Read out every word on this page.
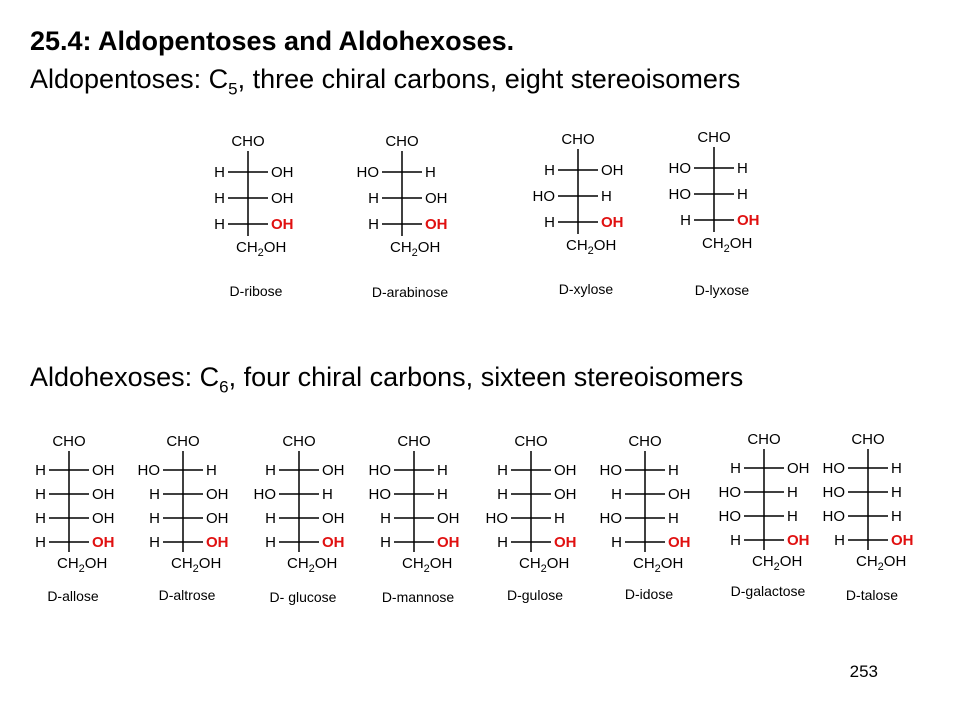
25.4: Aldopentoses and Aldohexoses.
Aldopentoses: $C_5$, three chiral carbons, eight stereoisomers
Aldohexoses: $C_6$, four chiral carbons, sixteen stereoisomers
CHO
H	OH
H	OH
H	OH
$CH_2OH$
D-ribose
CHO
HO	H
H	OH
H	OH
$CH_2OH$
D-arabinose
CHO
H	OH
HO	H
H	OH
$CH_2OH$
D-xylose
CHO
HO	H
HO	H
H	OH
$CH_2OH$
D-lyxose
CHO
H	OH
H	OH
H	OH
H	OH
$CH_2OH$
D-allose
CHO
HO	H
H	OH
H	OH
H	OH
$CH_2OH$
D-altrose
CHO
H	OH
HO	H
H	OH
H	OH
$CH_2OH$
D- glucose
CHO
HO	H
HO	H
H	OH
H	OH
$CH_2OH$
D-mannose
CHO
H	OH
H	OH
HO	H
H	OH
$CH_2OH$
D-gulose
CHO
HO	H
H	OH
HO	H
H	OH
$CH_2OH$
D-idose
CHO
H	OH
HO	H
HO	H
H	OH
$CH_2OH$
D-galactose
CHO
HO	H
HO	H
HO	H
H	OH
$CH_2OH$
D-talose
253
